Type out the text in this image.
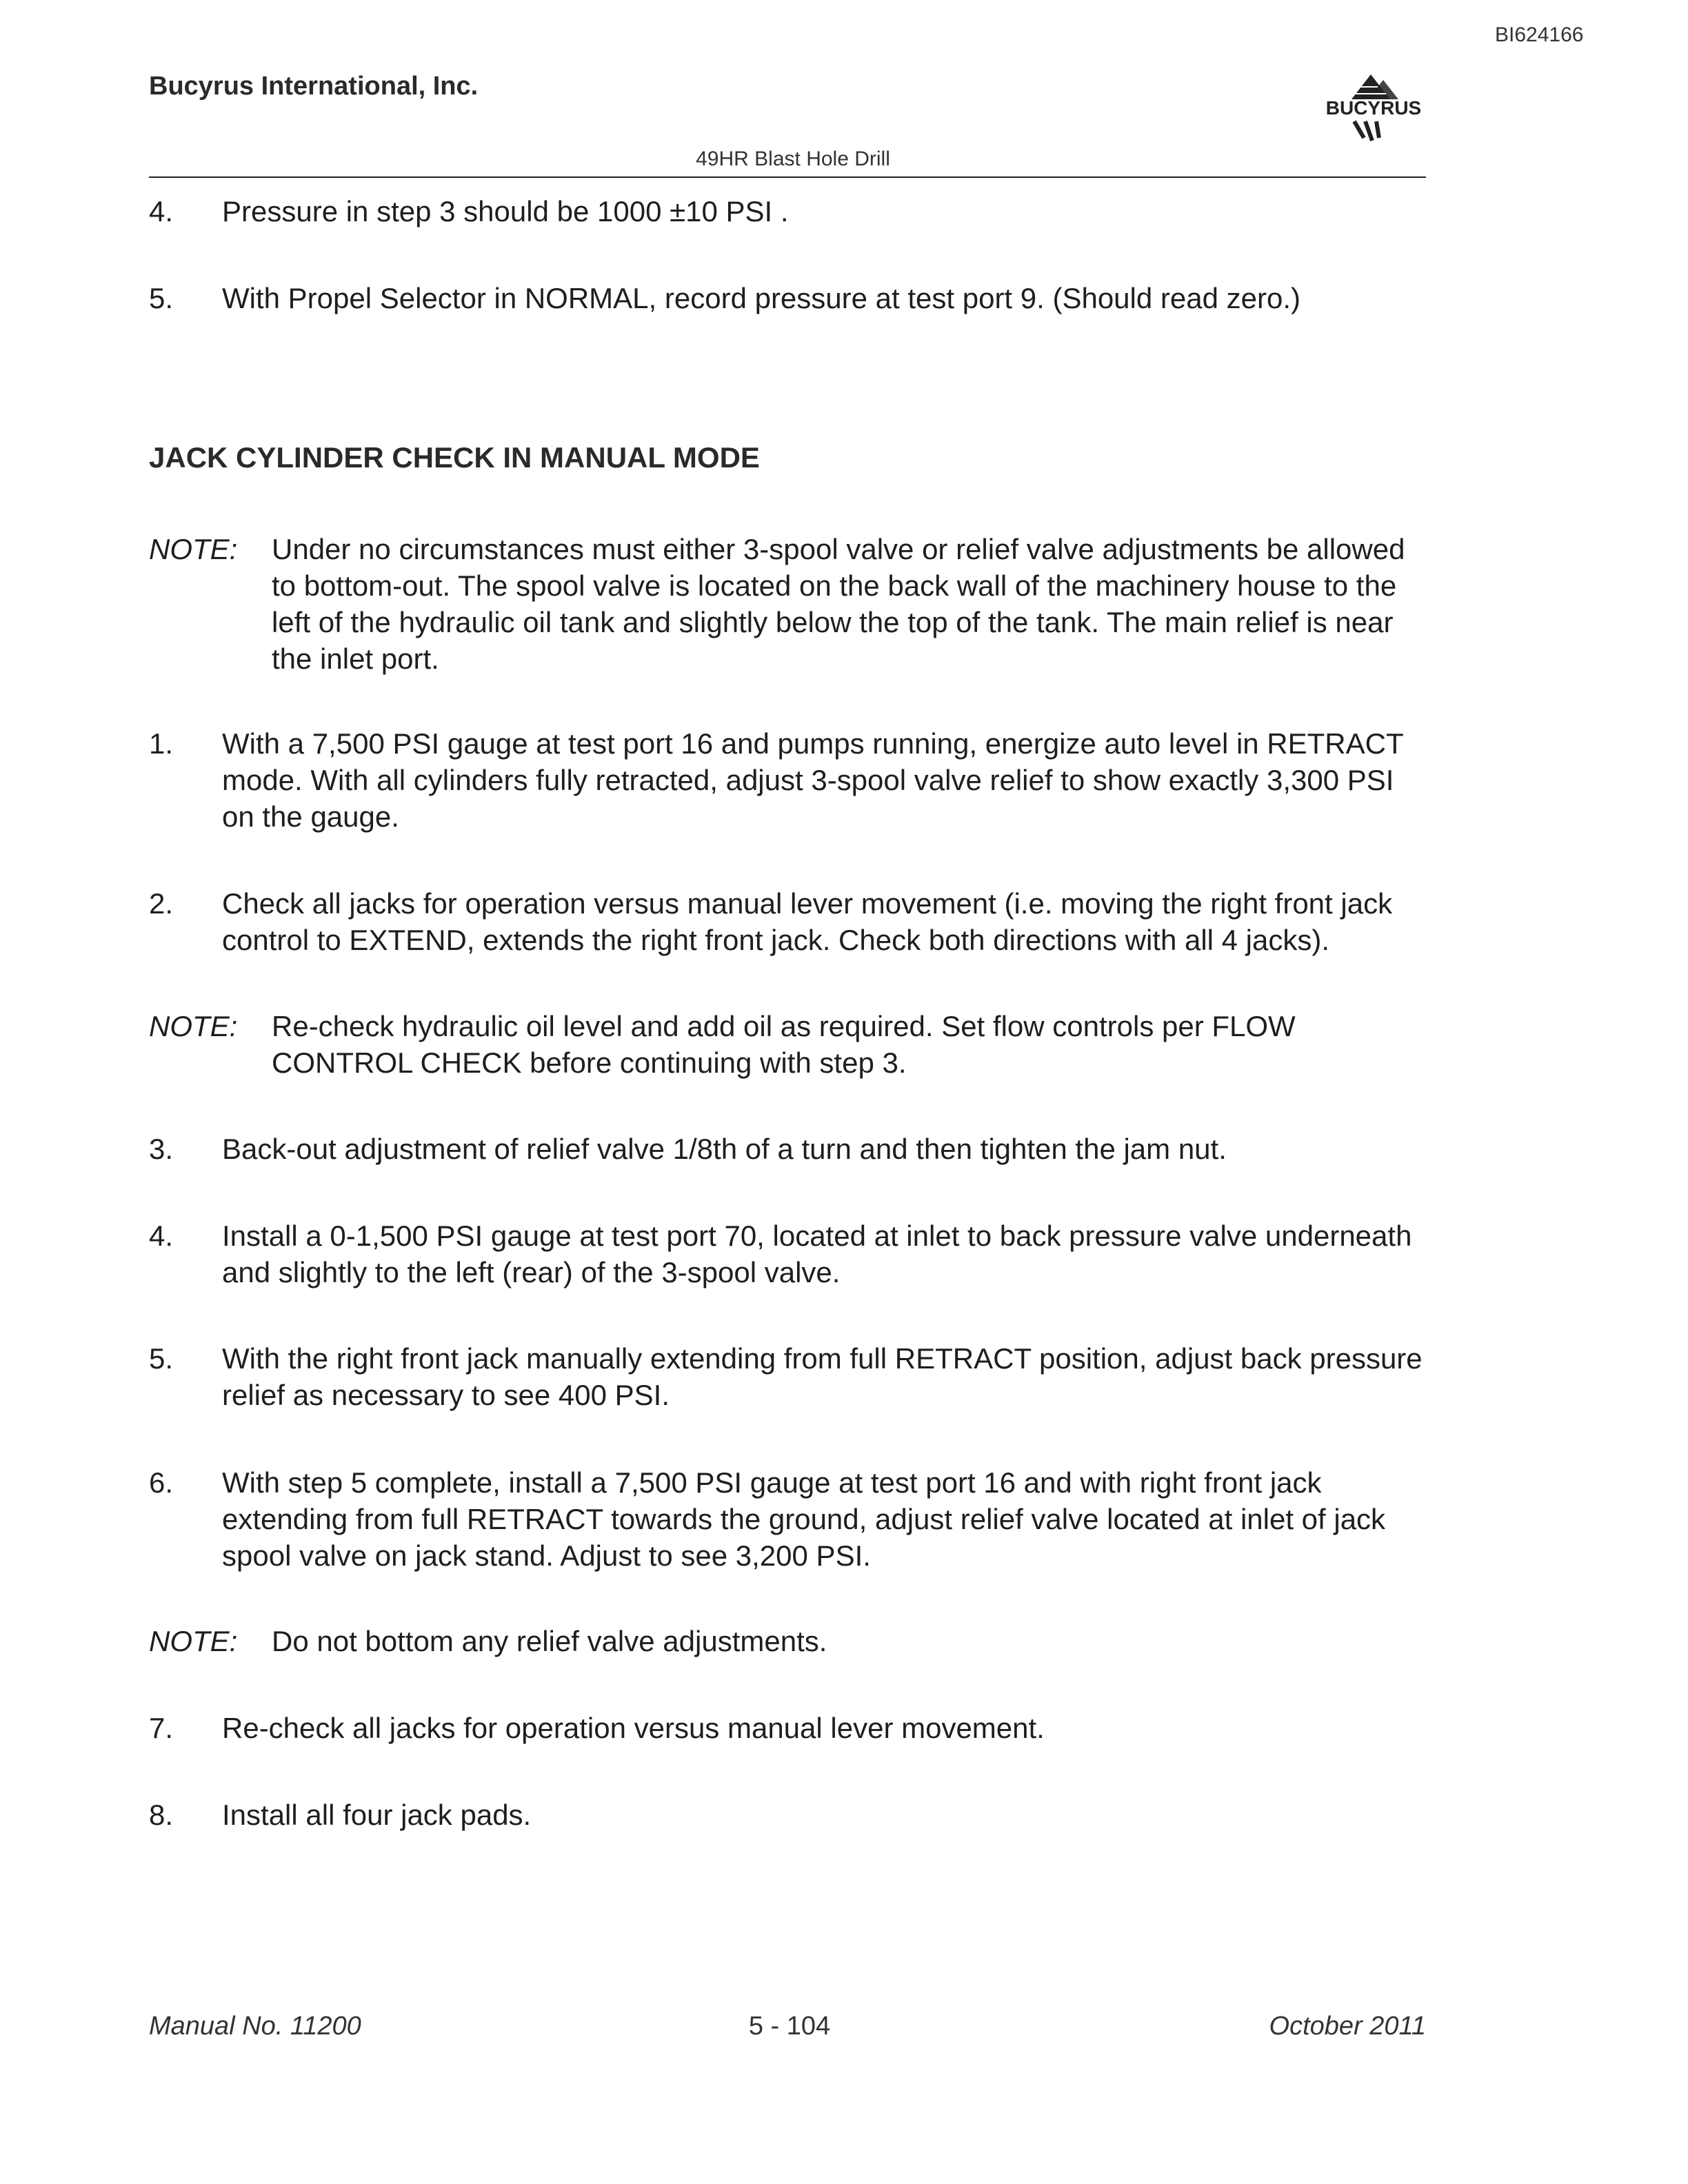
BI624166
Bucyrus International, Inc.
BUCYRUS
49HR Blast Hole Drill
4. Pressure in step 3 should be 1000 ±10 PSI .
5. With Propel Selector in NORMAL, record pressure at test port 9. (Should read zero.)
JACK CYLINDER CHECK IN MANUAL MODE
NOTE: Under no circumstances must either 3-spool valve or relief valve adjustments be allowed to bottom-out. The spool valve is located on the back wall of the machinery house to the left of the hydraulic oil tank and slightly below the top of the tank. The main relief is near the inlet port.
1. With a 7,500 PSI gauge at test port 16 and pumps running, energize auto level in RETRACT mode. With all cylinders fully retracted, adjust 3-spool valve relief to show exactly 3,300 PSI on the gauge.
2. Check all jacks for operation versus manual lever movement (i.e. moving the right front jack control to EXTEND, extends the right front jack. Check both directions with all 4 jacks).
NOTE: Re-check hydraulic oil level and add oil as required. Set flow controls per FLOW CONTROL CHECK before continuing with step 3.
3. Back-out adjustment of relief valve 1/8th of a turn and then tighten the jam nut.
4. Install a 0-1,500 PSI gauge at test port 70, located at inlet to back pressure valve underneath and slightly to the left (rear) of the 3-spool valve.
5. With the right front jack manually extending from full RETRACT position, adjust back pressure relief as necessary to see 400 PSI.
6. With step 5 complete, install a 7,500 PSI gauge at test port 16 and with right front jack extending from full RETRACT towards the ground, adjust relief valve located at inlet of jack spool valve on jack stand. Adjust to see 3,200 PSI.
NOTE: Do not bottom any relief valve adjustments.
7. Re-check all jacks for operation versus manual lever movement.
8. Install all four jack pads.
Manual No. 11200	5 - 104	October 2011
